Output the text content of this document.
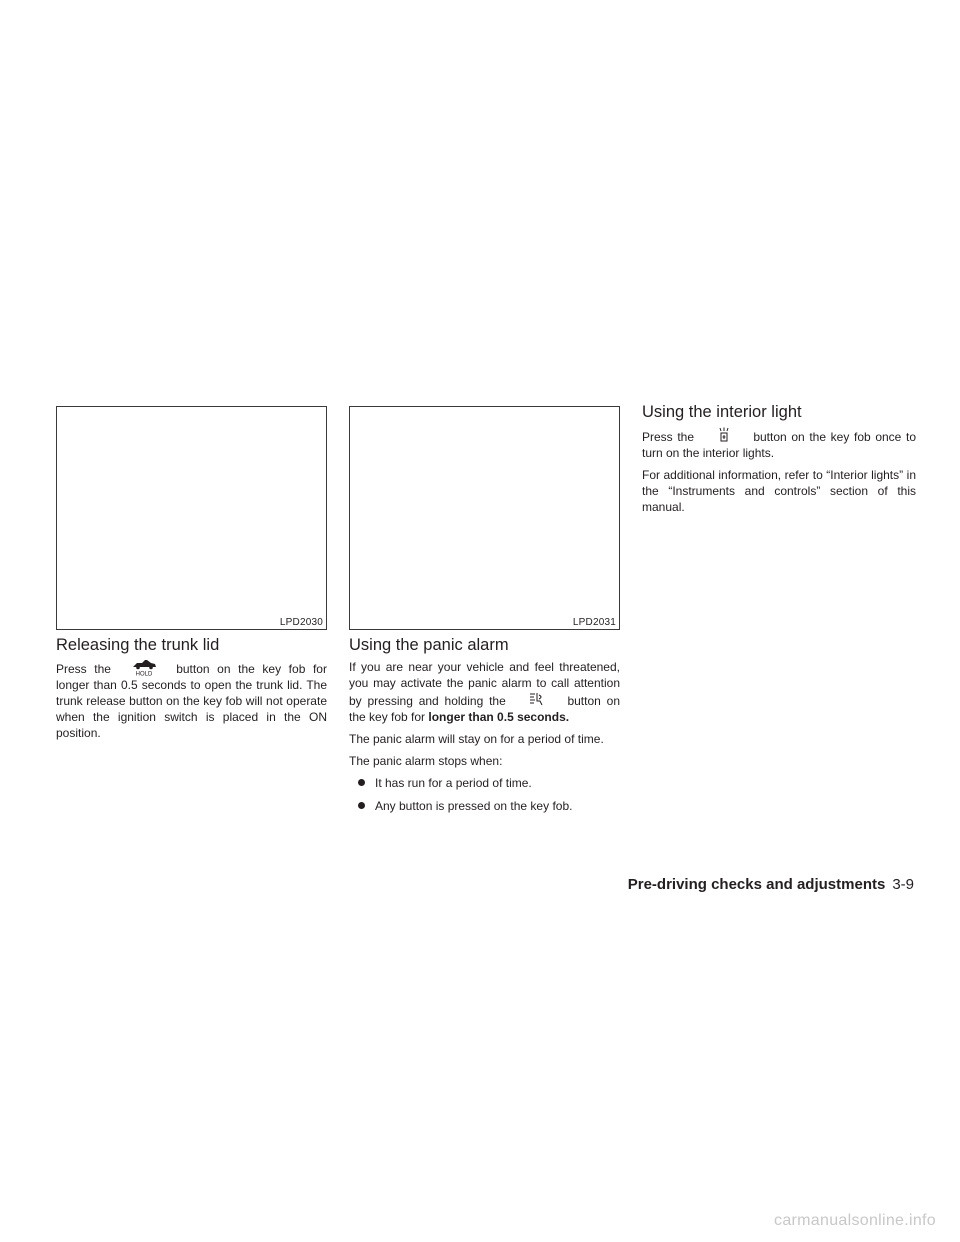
LPD2030
Releasing the trunk lid

Press the	HOLD button on the key fob for longer than 0.5 seconds to open the trunk lid. The trunk release button on the key fob will not operate when the ignition switch is placed in the ON position.

LPD2031
Using the panic alarm

If you are near your vehicle and feel threatened, you may activate the panic alarm to call attention by pressing and holding the	button on the key fob for longer than 0.5 seconds.

The panic alarm will stay on for a period of time.

The panic alarm stops when:

It has run for a period of time.
Any button is pressed on the key fob.
Using the interior light

Press the	button on the key fob once to turn on the interior lights.

For additional information, refer to “Interior lights” in the “Instruments and controls” section of this manual.

Pre-driving checks and adjustments 3-9
carmanualsonline.info
